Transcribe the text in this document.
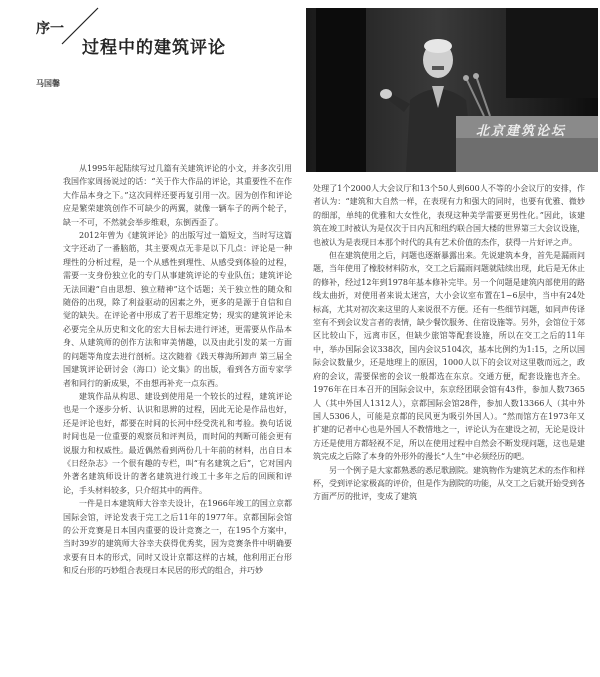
序一
过程中的建筑评论
马国馨
北京建筑论坛

从1995年起陆续写过几篇有关建筑评论的小文，并多次引用我国作家周扬说过的话：“关于作大作品的评论，其重要性不在作大作品本身之下。”这次同样还要再复引用一次。因为创作和评论应是繁荣建筑创作不可缺少的两翼，就像一辆车子的两个轮子，缺一不可，不然就会举步维艰，东倒西歪了。

2012年曾为《建筑评论》的出版写过一篇短文，当时写这篇文字还动了一番脑筋，其主要观点无非是以下几点：评论是一种理性的分析过程，是一个从感性到理性、从感受到体验的过程，需要一支身份独立化的专门从事建筑评论的专业队伍；建筑评论无法回避“自由思想、独立精神”这个话题；关于独立性的随众和随俗的出现，除了利益驱动的因素之外，更多的是源于自信和自觉的缺失。在评论者中形成了若干思维定势；现实的建筑评论未必要完全从历史和文化的宏大目标去进行评述，更需要从作品本身、从建筑师的创作方法和审美情趣，以及由此引发的某一方面的问题等角度去进行剖析。这次随着《践天尊海所卸声 第三届全国建筑评论研讨会（海口）论文集》的出版，看到各方面专家学者和同行的新成果，不由想再补充一点东西。

建筑作品从构思、建设到使用是一个较长的过程，建筑评论也是一个逐步分析、认识和思辨的过程，因此无论是作品也好，还是评论也好，都要在时间的长河中经受洗礼和考验。换句话说时间也是一位重要的观察员和评判员，而时间的判断可能会更有说服力和权威性。最近偶然看到两份几十年前的材料，出自日本《日经杂志》一个很有趣的专栏，叫“有名建筑之后”，它对国内外著名建筑师设计的著名建筑进行竣工十多年之后的回顾和评论，手头材料较多，只介绍其中的两件。

一件是日本建筑师大谷幸夫设计，在1966年竣工的国立京都国际会馆，评论发表于完工之后11年的1977年。京都国际会馆的公开竞赛是日本国内重要的设计竞赛之一，在195个方案中，当时39岁的建筑师大谷幸夫获得优秀奖，因为竞赛条件中明确要求要有日本的形式，同时又设计京都这样的古城，他利用正台形和反台形的巧妙组合表现日本民居的形式的组合，并巧妙

处理了1个2000人大会议厅和13个50人到600人不等的小会议厅的安排，作者认为：“建筑和大自然一样，在表现有力和强大的同时，也要有优雅、微妙的细部，单纯的优雅和大女性化，表现这种美学需要更男性化。”因此，该建筑在竣工时被认为是仅次于日内瓦和纽约联合国大楼的世界第三大会议设施，也被认为是表现日本那个时代的具有艺术价值的杰作，获得一片好评之声。

但在建筑使用之后，问题也逐渐暴露出来。先说建筑本身，首先是漏雨问题，当年使用了橡胶材料防水，交工之后漏雨问题就陆续出现，此后是无休止的修补，经过12年到1978年基本修补完毕。另一个问题是建筑内部使用的路线太曲折，对使用者来说太迷宫，大小会议室布置在1~6层中，当中有24处标高，尤其对初次来这里的人来说很不方便。还有一些细节问题，如同声传译室有不到会议发言者的表情，缺少餐饮服务、住宿设施等。另外，会馆位于郊区比较山下，远离市区，但缺少旅馆等配套设施，所以在交工之后的11年中，举办国际会议338次，国内会议5104次，基本比例约为1:15，之所以国际会议数量少，还是地理上的原因，1000人以下的会议对这里敬而远之，政府的会议，需要保密的会议一般都选在东京。交通方便，配套设施也齐全。1976年在日本召开的国际会议中，东京经团联会馆有43件，参加人数7365人（其中外国人1312人），京都国际会馆28件，参加人数13366人（其中外国人5306人，可能是京都的民风更为吸引外国人）。“然而馆方在1973年又扩建的记者中心也是外国人不教惜地之一，评论认为在建设之初，无论是设计方还是使用方都轻视不足，所以在使用过程中自然会不断发现问题，这也是建筑完成之后除了本身的外形外的漫长“人生”中必须经历的吧。

另一个例子是大家都熟悉的悉尼歌剧院。建筑物作为建筑艺术的杰作和样杯，受到评论家极高的评价，但是作为剧院的功能，从交工之后就开始受到各方面严厉的批评，变成了建筑
